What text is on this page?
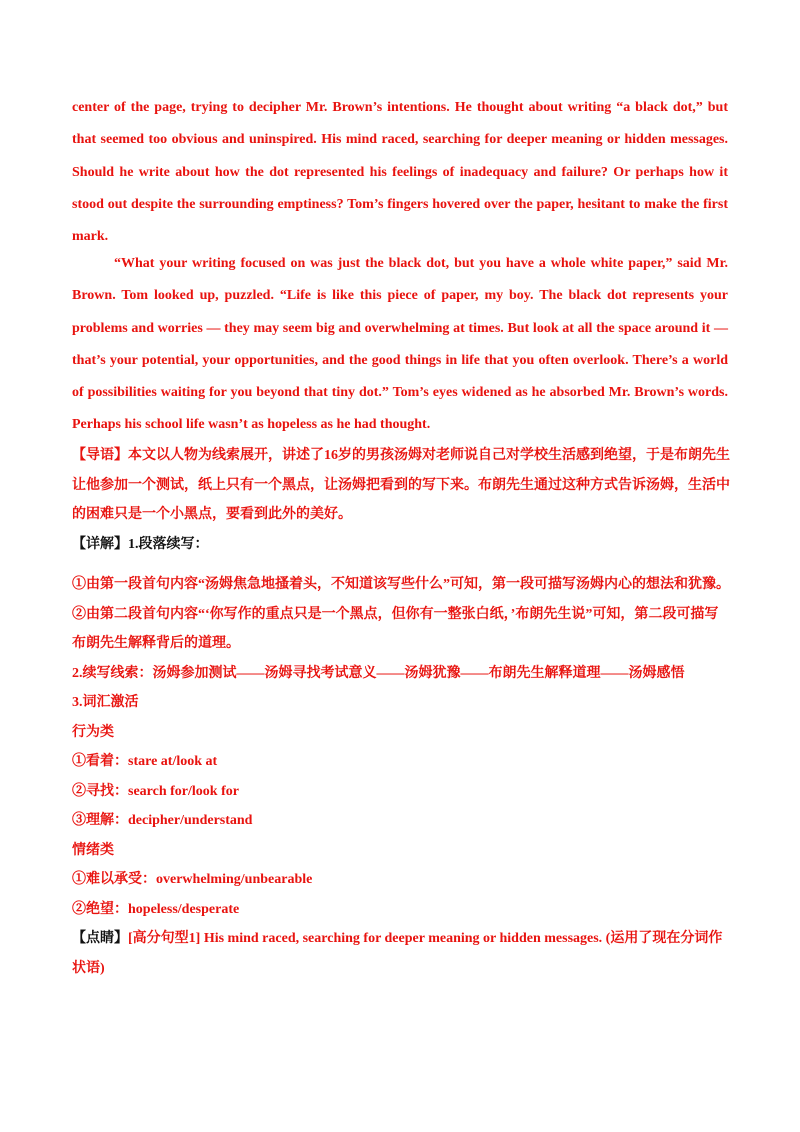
center of the page, trying to decipher Mr. Brown’s intentions. He thought about writing “a black dot,” but that seemed too obvious and uninspired. His mind raced, searching for deeper meaning or hidden messages. Should he write about how the dot represented his feelings of inadequacy and failure? Or perhaps how it stood out despite the surrounding emptiness? Tom’s fingers hovered over the paper, hesitant to make the first mark.

“What your writing focused on was just the black dot, but you have a whole white paper,” said Mr. Brown. Tom looked up, puzzled. “Life is like this piece of paper, my boy. The black dot represents your problems and worries — they may seem big and overwhelming at times. But look at all the space around it — that’s your potential, your opportunities, and the good things in life that you often overlook. There’s a world of possibilities waiting for you beyond that tiny dot.” Tom’s eyes widened as he absorbed Mr. Brown’s words. Perhaps his school life wasn’t as hopeless as he had thought.

【导语】本文以人物为线索展开，讲述了16岁的男孩汤姆对老师说自己对学校生活感到绝望，于是布朗先生让他参加一个测试，纸上只有一个黑点，让汤姆把看到的写下来。布朗先生通过这种方式告诉汤姆，生活中的困难只是一个小黑点，要看到此外的美好。
【详解】1.段落续写：

①由第一段首句内容“汤姆焦急地搔着头，不知道该写些什么”可知，第一段可描写汤姆内心的想法和犹豫。
②由第二段首句内容“‘你写作的重点只是一个黑点，但你有一整张白纸，’布朗先生说”可知，第二段可描写布朗先生解释背后的道理。
2.续写线索：汤姆参加测试——汤姆寻找考试意义——汤姆犹豫——布朗先生解释道理——汤姆感悟
3.词汇激活
行为类
①看着：stare at/look at
②寻找：search for/look for
③理解：decipher/understand
情绪类
①难以承受：overwhelming/unbearable
②绝望：hopeless/desperate
【点睛】[高分句型1] His mind raced, searching for deeper meaning or hidden messages. (运用了现在分词作状语)
